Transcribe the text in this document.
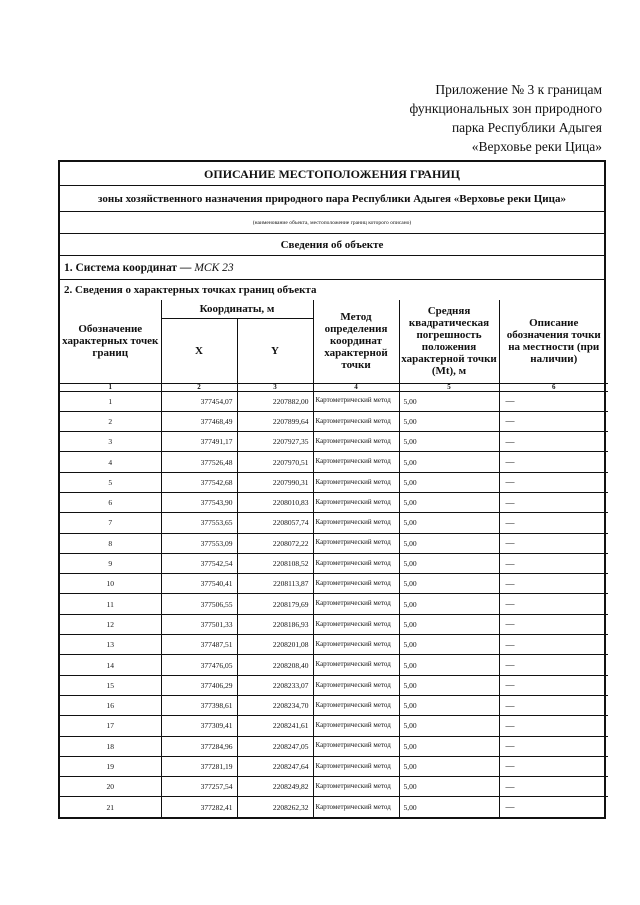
Приложение № 3 к границам
функциональных зон природного
парка Республики Адыгея
«Верховье реки Цица»
ОПИСАНИЕ МЕСТОПОЛОЖЕНИЯ ГРАНИЦ
зоны хозяйственного назначения природного пара Республики Адыгея «Верховье реки Цица»
(наименование объекта, местоположение границ которого описано)
Сведения об объекте
1. Система координат — МСК 23
2. Сведения о характерных точках границ объекта
Обозначение характерных точек границ	Координаты, м		Метод определения координат характерной точки	Средняя квадратическая погрешность положения характерной точки (Mt), м	Описание обозначения точки на местности (при наличии)
	X	Y			
1	2	3	4	5	6
1	377454,07	2207882,00	Картометрический метод	5,00	—
2	377468,49	2207899,64	Картометрический метод	5,00	—
3	377491,17	2207927,35	Картометрический метод	5,00	—
4	377526,48	2207970,51	Картометрический метод	5,00	—
5	377542,68	2207990,31	Картометрический метод	5,00	—
6	377543,90	2208010,83	Картометрический метод	5,00	—
7	377553,65	2208057,74	Картометрический метод	5,00	—
8	377553,09	2208072,22	Картометрический метод	5,00	—
9	377542,54	2208108,52	Картометрический метод	5,00	—
10	377540,41	2208113,87	Картометрический метод	5,00	—
11	377506,55	2208179,69	Картометрический метод	5,00	—
12	377501,33	2208186,93	Картометрический метод	5,00	—
13	377487,51	2208201,08	Картометрический метод	5,00	—
14	377476,05	2208208,40	Картометрический метод	5,00	—
15	377406,29	2208233,07	Картометрический метод	5,00	—
16	377398,61	2208234,70	Картометрический метод	5,00	—
17	377309,41	2208241,61	Картометрический метод	5,00	—
18	377284,96	2208247,05	Картометрический метод	5,00	—
19	377281,19	2208247,64	Картометрический метод	5,00	—
20	377257,54	2208249,82	Картометрический метод	5,00	—
21	377282,41	2208262,32	Картометрический метод	5,00	—
